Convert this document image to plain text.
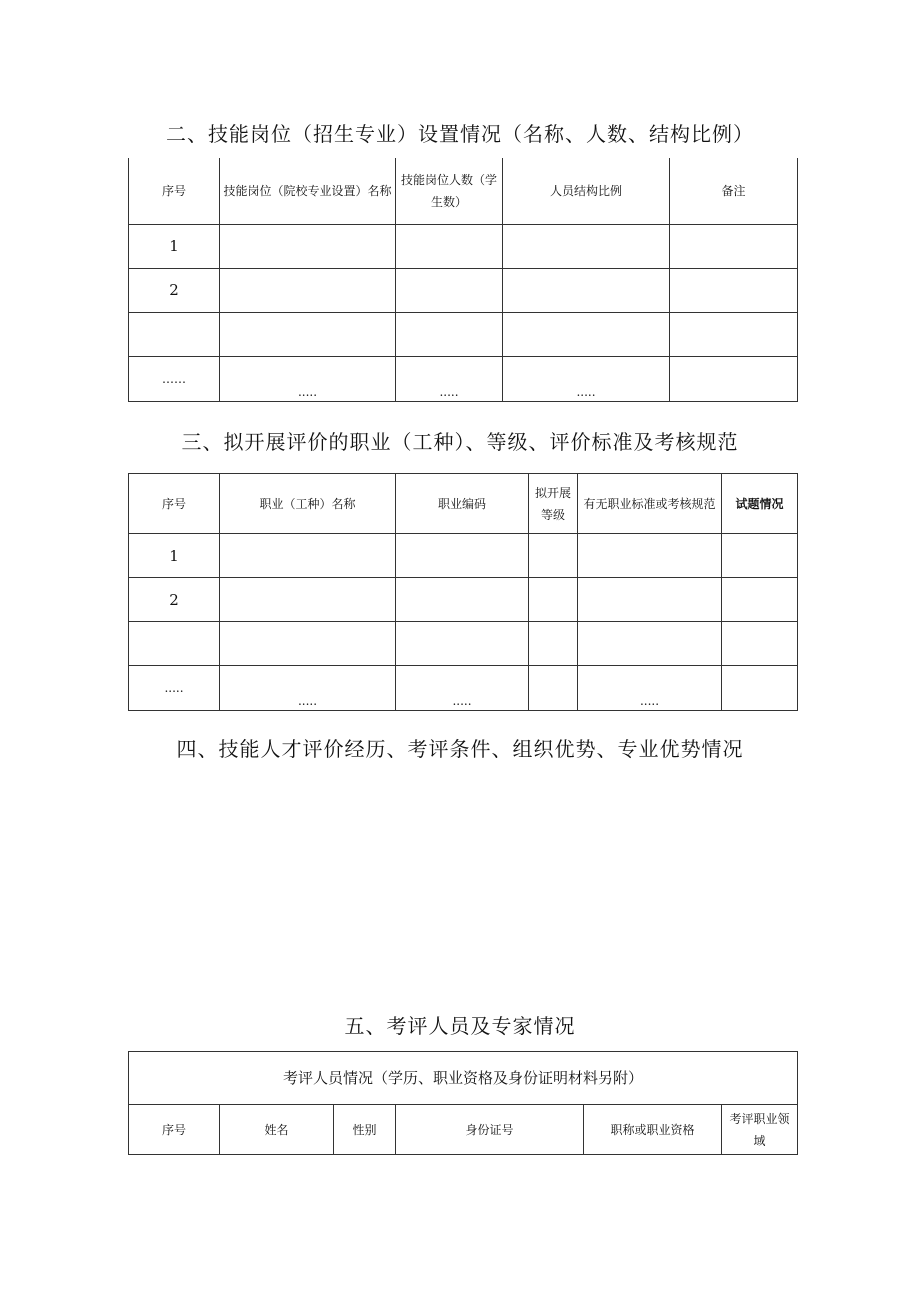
二、技能岗位（招生专业）设置情况（名称、人数、结构比例）
序号	技能岗位（院校专业设置）名称	技能岗位人数（学生数）	人员结构比例	备注
1				
2				

……	.....	.....	.....	
三、拟开展评价的职业（工种）、等级、评价标准及考核规范
序号	职业（工种）名称	职业编码	拟开展等级	有无职业标准或考核规范	试题情况
1					
2					

.....	.....	.....		.....	
四、技能人才评价经历、考评条件、组织优势、专业优势情况
五、考评人员及专家情况
考评人员情况（学历、职业资格及身份证明材料另附）
序号	姓名	性别	身份证号	职称或职业资格	考评职业领域
